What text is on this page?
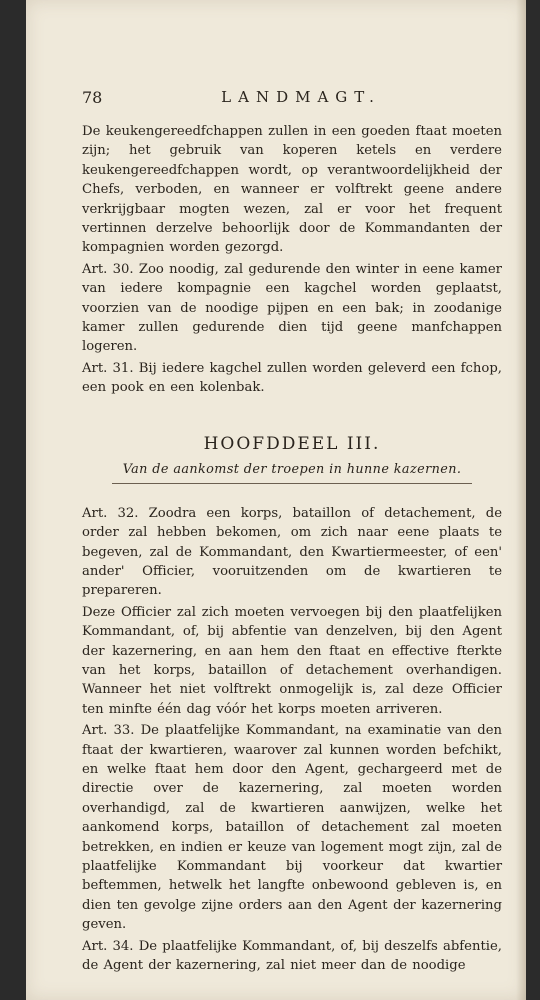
78	LANDMAGT.

De keukengereedfchappen zullen in een goeden ftaat moeten zijn; het gebruik van koperen ketels en verdere keukengereedfchappen wordt, op verantwoordelijkheid der Chefs, verboden, en wanneer er volftrekt geene andere verkrijgbaar mogten wezen, zal er voor het frequent vertinnen derzelve behoorlijk door de Kommandanten der kompagnien worden gezorgd.

Art. 30. Zoo noodig, zal gedurende den winter in eene kamer van iedere kompagnie een kagchel worden geplaatst, voorzien van de noodige pijpen en een bak; in zoodanige kamer zullen gedurende dien tijd geene manfchappen logeren.

Art. 31. Bij iedere kagchel zullen worden geleverd een fchop, een pook en een kolenbak.

HOOFDDEEL III.
Van de aankomst der troepen in hunne kazernen.

Art. 32. Zoodra een korps, bataillon of detachement, de order zal hebben bekomen, om zich naar eene plaats te begeven, zal de Kommandant, den Kwartiermeester, of een' ander' Officier, vooruitzenden om de kwartieren te prepareren.

Deze Officier zal zich moeten vervoegen bij den plaatfelijken Kommandant, of, bij abfentie van denzelven, bij den Agent der kazernering, en aan hem den ftaat en effective fterkte van het korps, bataillon of detachement overhandigen. Wanneer het niet volftrekt onmogelijk is, zal deze Officier ten minfte één dag vóór het korps moeten arriveren.

Art. 33. De plaatfelijke Kommandant, na examinatie van den ftaat der kwartieren, waarover zal kunnen worden befchikt, en welke ftaat hem door den Agent, gechargeerd met de directie over de kazernering, zal moeten worden overhandigd, zal de kwartieren aanwijzen, welke het aankomend korps, bataillon of detachement zal moeten betrekken, en indien er keuze van logement mogt zijn, zal de plaatfelijke Kommandant bij voorkeur dat kwartier beftemmen, hetwelk het langfte onbewoond gebleven is, en dien ten gevolge zijne orders aan den Agent der kazernering geven.

Art. 34. De plaatfelijke Kommandant, of, bij deszelfs abfentie, de Agent der kazernering, zal niet meer dan de noodige
